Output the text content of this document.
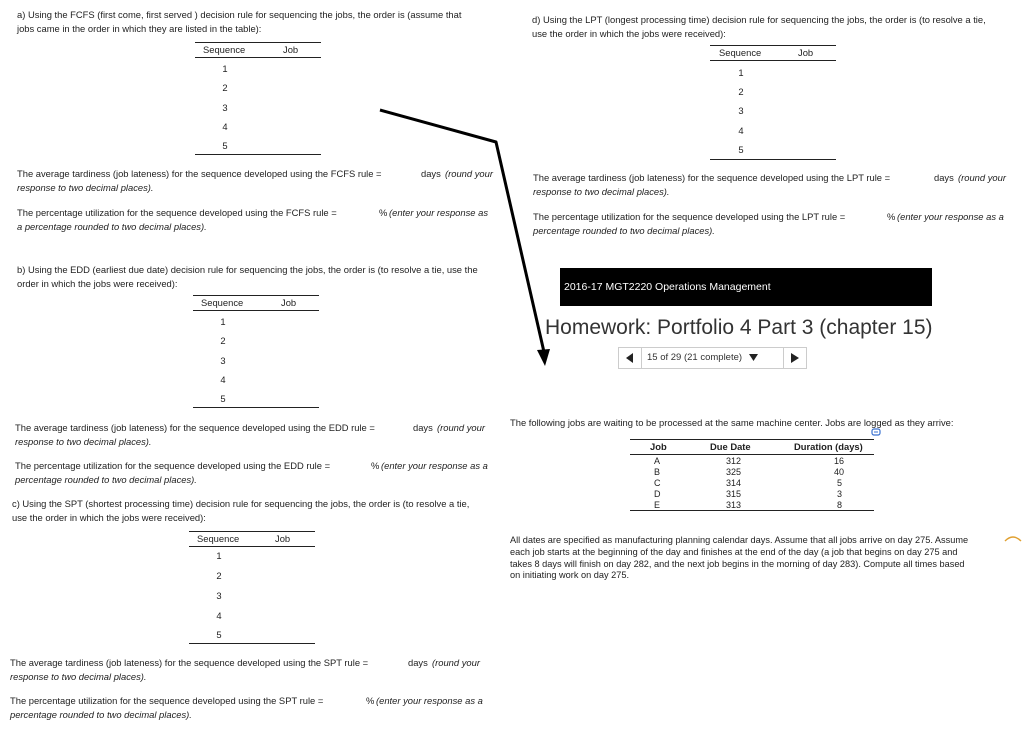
a) Using the FCFS (first come, first served ) decision rule for sequencing the jobs, the order is (assume that
jobs came in the order in which they are listed in the table):
Sequence	Job
1
2
3
4
5
The average tardiness (job lateness) for the sequence developed using the FCFS rule =	days (round your
response to two decimal places).
The percentage utilization for the sequence developed using the FCFS rule =	% (enter your response as
a percentage rounded to two decimal places).
b) Using the EDD (earliest due date) decision rule for sequencing the jobs, the order is (to resolve a tie, use the
order in which the jobs were received):
Sequence	Job
1
2
3
4
5
The average tardiness (job lateness) for the sequence developed using the EDD rule =	days (round your
response to two decimal places).
The percentage utilization for the sequence developed using the EDD rule =	% (enter your response as a
percentage rounded to two decimal places).
c) Using the SPT (shortest processing time) decision rule for sequencing the jobs, the order is (to resolve a tie,
use the order in which the jobs were received):
Sequence	Job
1
2
3
4
5
The average tardiness (job lateness) for the sequence developed using the SPT rule =	days (round your
response to two decimal places).
The percentage utilization for the sequence developed using the SPT rule =	% (enter your response as a
percentage rounded to two decimal places).
d) Using the LPT (longest processing time) decision rule for sequencing the jobs, the order is (to resolve a tie,
use the order in which the jobs were received):
Sequence	Job
1
2
3
4
5
The average tardiness (job lateness) for the sequence developed using the LPT rule =	days (round your
response to two decimal places).
The percentage utilization for the sequence developed using the LPT rule =	% (enter your response as a
percentage rounded to two decimal places).
2016-17 MGT2220 Operations Management
Homework: Portfolio 4 Part 3 (chapter 15)
15 of 29 (21 complete)
The following jobs are waiting to be processed at the same machine center. Jobs are logged as they arrive:
Job	Due Date	Duration (days)
A	312	16
B	325	40
C	314	5
D	315	3
E	313	8
All dates are specified as manufacturing planning calendar days. Assume that all jobs arrive on day 275. Assume
each job starts at the beginning of the day and finishes at the end of the day (a job that begins on day 275 and
takes 8 days will finish on day 282, and the next job begins in the morning of day 283). Compute all times based
on initiating work on day 275.
